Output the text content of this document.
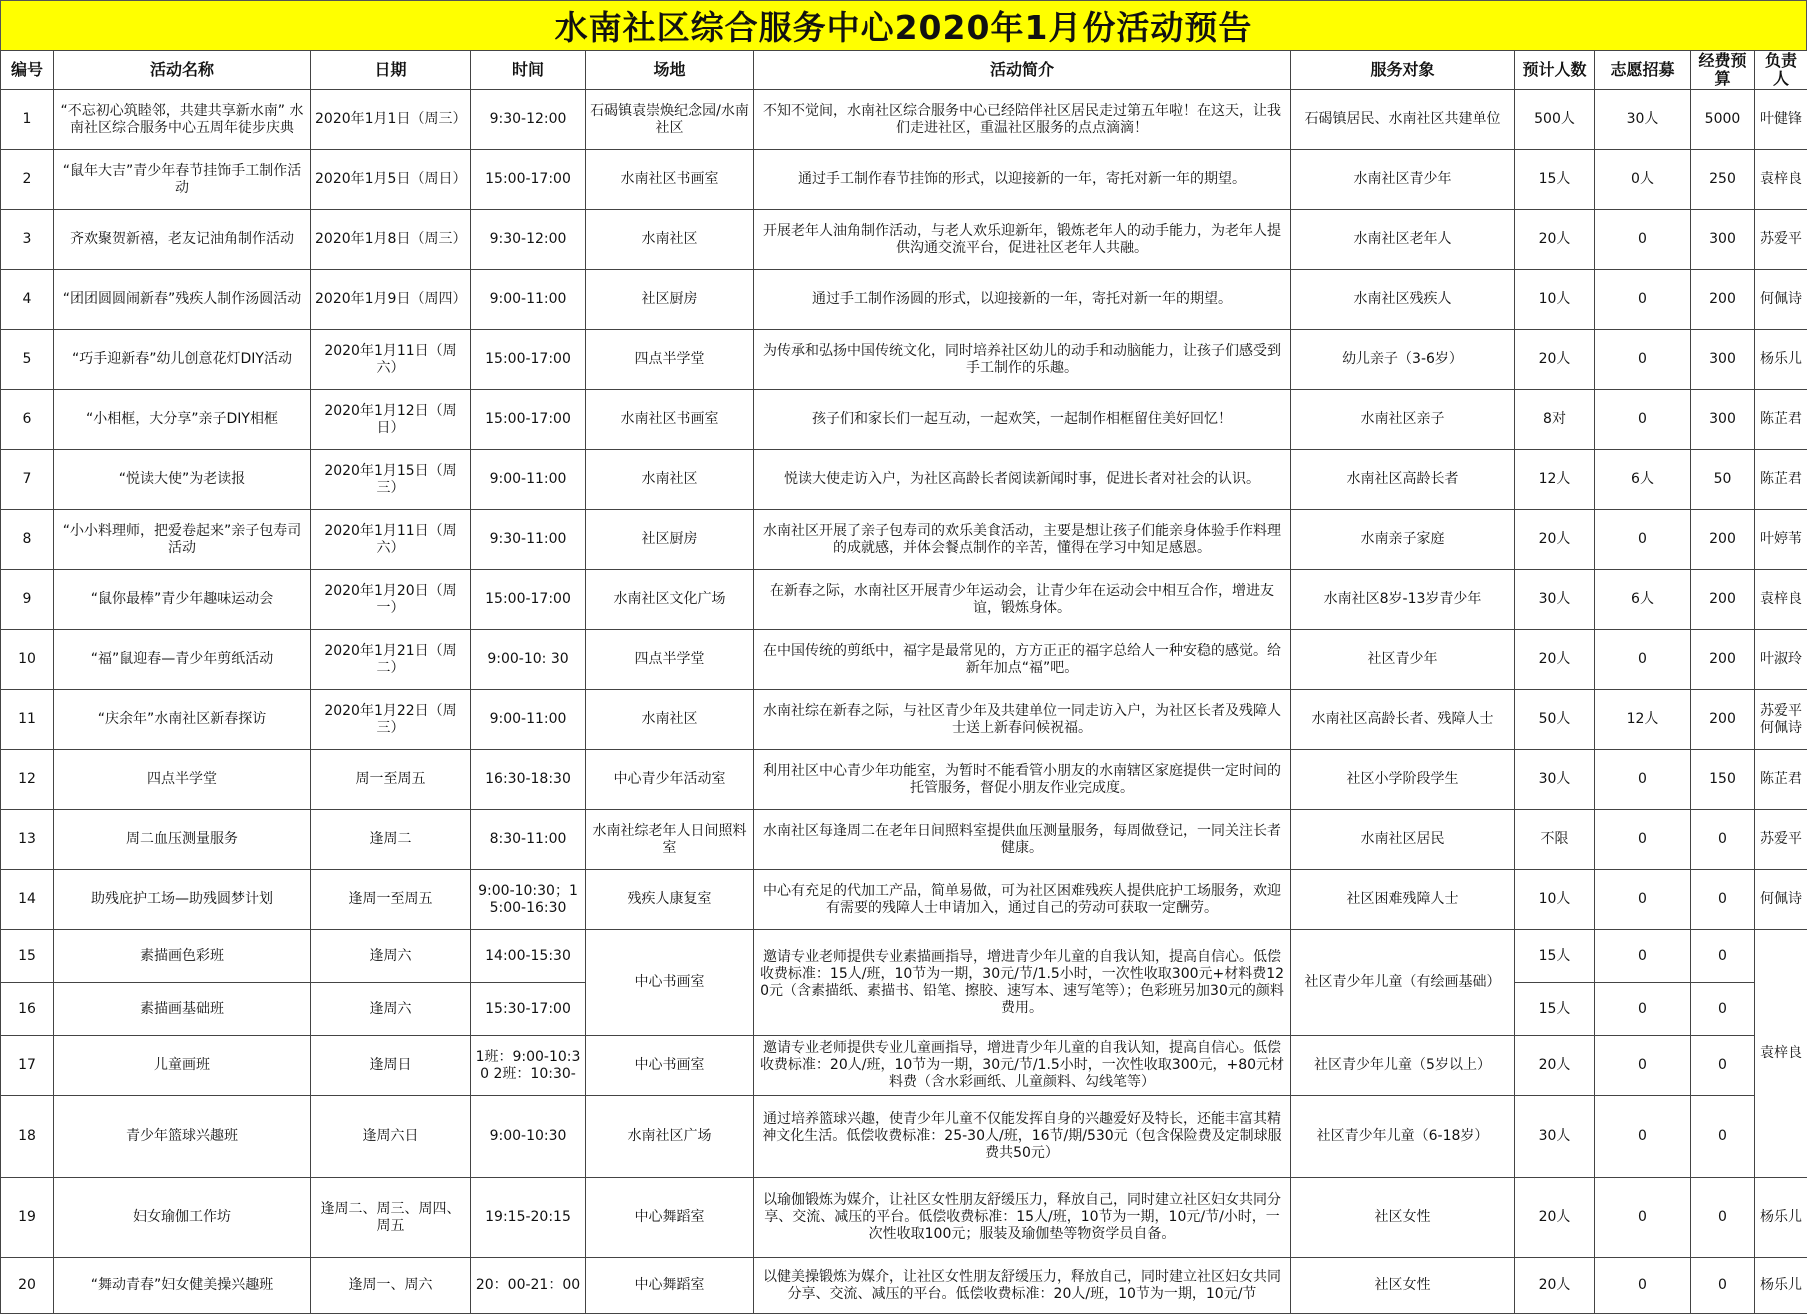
水南社区综合服务中心2020年1月份活动预告
编号	活动名称	日期	时间	场地	活动简介	服务对象	预计人数	志愿招募	经费预算	负责人
1	“不忘初心筑睦邻，共建共享新水南” 水南社区综合服务中心五周年徒步庆典	2020年1月1日（周三）	9:30-12:00	石碣镇袁崇焕纪念园/水南社区	不知不觉间，水南社区综合服务中心已经陪伴社区居民走过第五年啦！在这天，让我们走进社区，重温社区服务的点点滴滴！	石碣镇居民、水南社区共建单位	500人	30人	5000	叶健锋
2	“鼠年大吉”青少年春节挂饰手工制作活动	2020年1月5日（周日）	15:00-17:00	水南社区书画室	通过手工制作春节挂饰的形式，以迎接新的一年，寄托对新一年的期望。	水南社区青少年	15人	0人	250	袁梓良
3	齐欢聚贺新禧，老友记油角制作活动	2020年1月8日（周三）	9:30-12:00	水南社区	开展老年人油角制作活动，与老人欢乐迎新年，锻炼老年人的动手能力，为老年人提供沟通交流平台，促进社区老年人共融。	水南社区老年人	20人	0	300	苏爱平
4	“团团圆圆闹新春”残疾人制作汤圆活动	2020年1月9日（周四）	9:00-11:00	社区厨房	通过手工制作汤圆的形式，以迎接新的一年，寄托对新一年的期望。	水南社区残疾人	10人	0	200	何佩诗
5	“巧手迎新春”幼儿创意花灯DIY活动	2020年1月11日（周六）	15:00-17:00	四点半学堂	为传承和弘扬中国传统文化，同时培养社区幼儿的动手和动脑能力，让孩子们感受到手工制作的乐趣。	幼儿亲子（3-6岁）	20人	0	300	杨乐儿
6	“小相框，大分享”亲子DIY相框	2020年1月12日（周日）	15:00-17:00	水南社区书画室	孩子们和家长们一起互动，一起欢笑，一起制作相框留住美好回忆！	水南社区亲子	8对	0	300	陈芷君
7	“悦读大使”为老读报	2020年1月15日（周三）	9:00-11:00	水南社区	悦读大使走访入户，为社区高龄长者阅读新闻时事，促进长者对社会的认识。	水南社区高龄长者	12人	6人	50	陈芷君
8	“小小料理师，把爱卷起来”亲子包寿司活动	2020年1月11日（周六）	9:30-11:00	社区厨房	水南社区开展了亲子包寿司的欢乐美食活动，主要是想让孩子们能亲身体验手作料理的成就感，并体会餐点制作的辛苦，懂得在学习中知足感恩。	水南亲子家庭	20人	0	200	叶婷苇
9	“鼠你最棒”青少年趣味运动会	2020年1月20日（周一）	15:00-17:00	水南社区文化广场	在新春之际，水南社区开展青少年运动会，让青少年在运动会中相互合作，增进友谊，锻炼身体。	水南社区8岁-13岁青少年	30人	6人	200	袁梓良
10	“福”鼠迎春—青少年剪纸活动	2020年1月21日（周二）	9:00-10: 30	四点半学堂	在中国传统的剪纸中，福字是最常见的，方方正正的福字总给人一种安稳的感觉。给新年加点“福”吧。	社区青少年	20人	0	200	叶淑玲
11	“庆余年”水南社区新春探访	2020年1月22日（周三）	9:00-11:00	水南社区	水南社综在新春之际，与社区青少年及共建单位一同走访入户，为社区长者及残障人士送上新春问候祝福。	水南社区高龄长者、残障人士	50人	12人	200	苏爱平 何佩诗
12	四点半学堂	周一至周五	16:30-18:30	中心青少年活动室	利用社区中心青少年功能室，为暂时不能看管小朋友的水南辖区家庭提供一定时间的托管服务，督促小朋友作业完成度。	社区小学阶段学生	30人	0	150	陈芷君
13	周二血压测量服务	逢周二	8:30-11:00	水南社综老年人日间照料室	水南社区每逢周二在老年日间照料室提供血压测量服务，每周做登记，一同关注长者健康。	水南社区居民	不限	0	0	苏爱平
14	助残庇护工场—助残圆梦计划	逢周一至周五	9:00-10:30；15:00-16:30	残疾人康复室	中心有充足的代加工产品，简单易做，可为社区困难残疾人提供庇护工场服务，欢迎有需要的残障人士申请加入，通过自己的劳动可获取一定酬劳。	社区困难残障人士	10人	0	0	何佩诗
15	素描画色彩班	逢周六	14:00-15:30	中心书画室	邀请专业老师提供专业素描画指导，增进青少年儿童的自我认知，提高自信心。低偿收费标准：15人/班，10节为一期，30元/节/1.5小时，一次性收取300元+材料费120元（含素描纸、素描书、铅笔、擦胶、速写本、速写笔等）；色彩班另加30元的颜料费用。	社区青少年儿童（有绘画基础）	15人	0	0	袁梓良
16	素描画基础班	逢周六	15:30-17:00				15人	0	0	
17	儿童画班	逢周日	1班：9:00-10:30 2班：10:30-	中心书画室	邀请专业老师提供专业儿童画指导，增进青少年儿童的自我认知，提高自信心。低偿收费标准：20人/班，10节为一期，30元/节/1.5小时，一次性收取300元，+80元材料费（含水彩画纸、儿童颜料、勾线笔等）	社区青少年儿童（5岁以上）	20人	0	0	
18	青少年篮球兴趣班	逢周六日	9:00-10:30	水南社区广场	通过培养篮球兴趣，使青少年儿童不仅能发挥自身的兴趣爱好及特长，还能丰富其精神文化生活。低偿收费标准：25-30人/班，16节/期/530元（包含保险费及定制球服费共50元）	社区青少年儿童（6-18岁）	30人	0	0	
19	妇女瑜伽工作坊	逢周二、周三、周四、周五	19:15-20:15	中心舞蹈室	以瑜伽锻炼为媒介，让社区女性朋友舒缓压力，释放自己，同时建立社区妇女共同分享、交流、减压的平台。低偿收费标准：15人/班，10节为一期，10元/节/小时，一次性收取100元；服装及瑜伽垫等物资学员自备。	社区女性	20人	0	0	杨乐儿
20	“舞动青春”妇女健美操兴趣班	逢周一、周六	20：00-21：00	中心舞蹈室	以健美操锻炼为媒介，让社区女性朋友舒缓压力，释放自己，同时建立社区妇女共同分享、交流、减压的平台。低偿收费标准：20人/班，10节为一期，10元/节	社区女性	20人	0	0	杨乐儿
